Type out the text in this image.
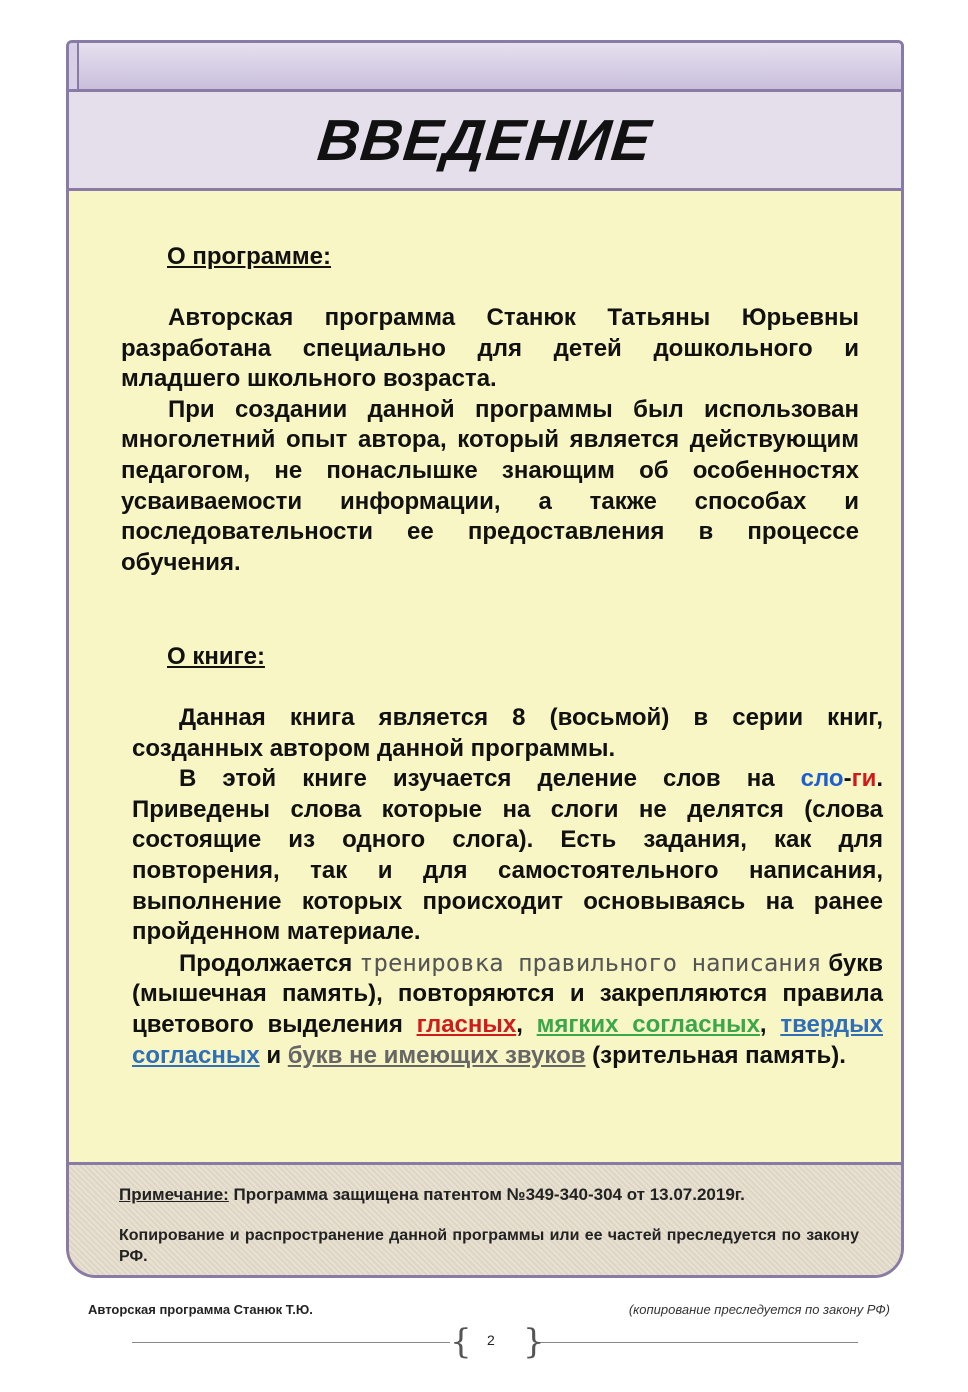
ВВЕДЕНИЕ
О программе:

Авторская программа Станюк Татьяны Юрьевны разработана специально для детей дошкольного и младшего школьного возраста.

При создании данной программы был использован многолетний опыт автора, который является действующим педагогом, не понаслышке знающим об особенностях усваиваемости информации, а также способах и последовательности ее предоставления в процессе обучения.

О книге:

Данная книга является 8 (восьмой) в серии книг, созданных автором данной программы.

В этой книге изучается деление слов на сло-ги. Приведены слова которые на слоги не делятся (слова состоящие из одного слога). Есть задания, как для повторения, так и для самостоятельного написания, выполнение которых происходит основываясь на ранее пройденном материале.

Продолжается тренировка правильного написания букв (мышечная память), повторяются и закрепляются правила цветового выделения гласных, мягких согласных, твердых согласных и букв не имеющих звуков (зрительная память).

Примечание: Программа защищена патентом №349-340-304 от 13.07.2019г.
Копирование и распространение данной программы или ее частей преследуется по закону РФ.
Авторская программа Станюк Т.Ю.	(копирование преследуется по закону РФ)
{ }
2
